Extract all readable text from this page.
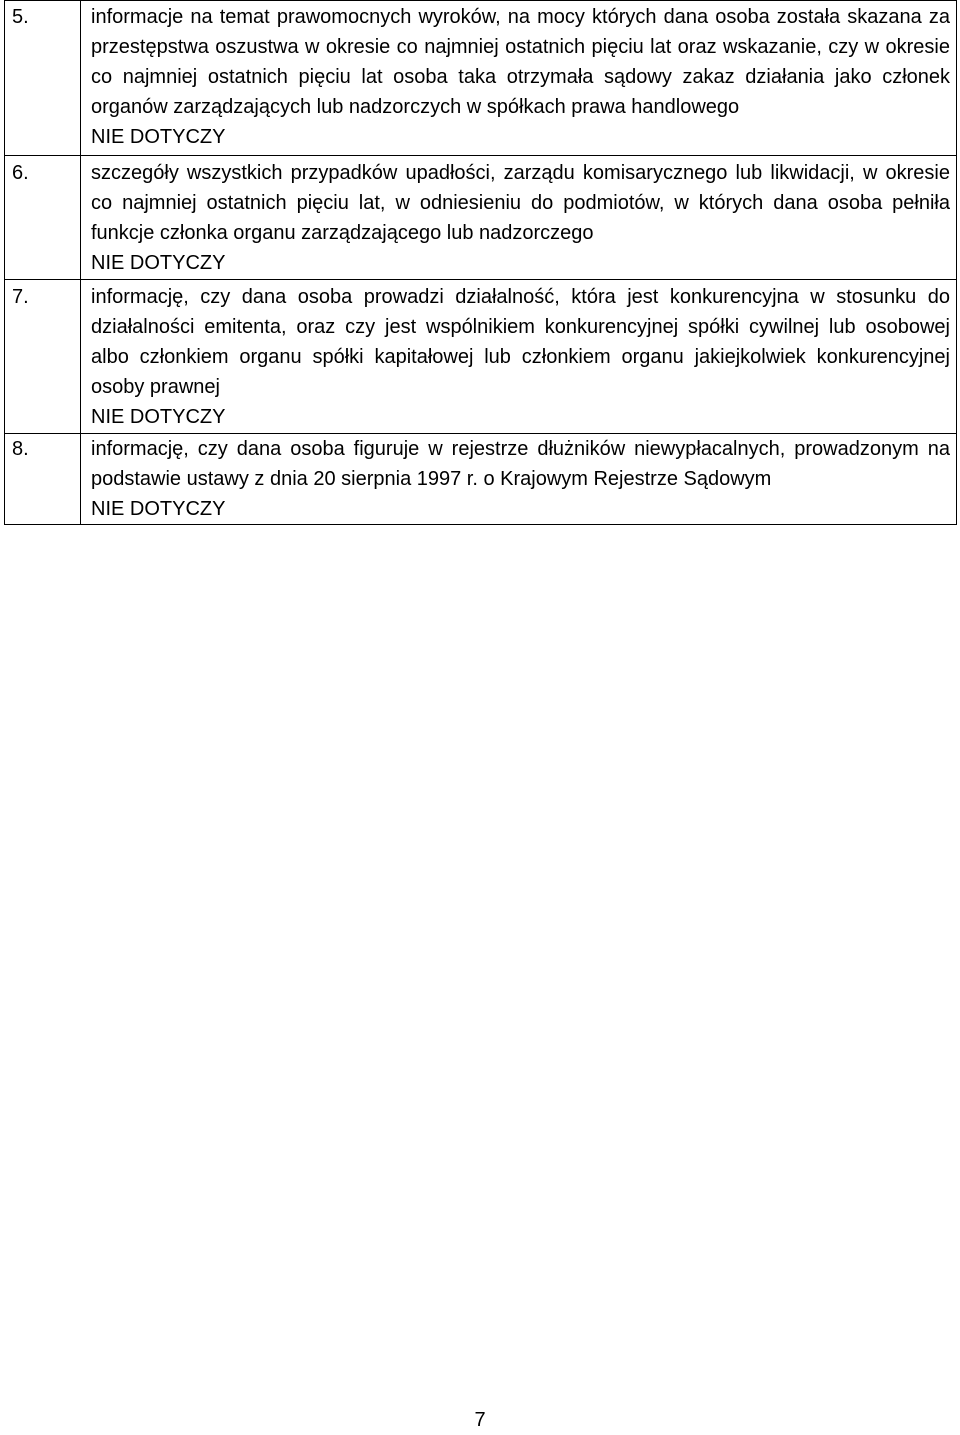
5.	informacje na temat prawomocnych wyroków, na mocy których dana osoba została skazana za przestępstwa oszustwa w okresie co najmniej ostatnich pięciu lat oraz wskazanie, czy w okresie co najmniej ostatnich pięciu lat osoba taka otrzymała sądowy zakaz działania jako członek organów zarządzających lub nadzorczych w spółkach prawa handlowego
NIE DOTYCZY

6.	szczegóły wszystkich przypadków upadłości, zarządu komisarycznego lub likwidacji, w okresie co najmniej ostatnich pięciu lat, w odniesieniu do podmiotów, w których dana osoba pełniła funkcje członka organu zarządzającego lub nadzorczego
NIE DOTYCZY

7.	informację, czy dana osoba prowadzi działalność, która jest konkurencyjna w stosunku do działalności emitenta, oraz czy jest wspólnikiem konkurencyjnej spółki cywilnej lub osobowej albo członkiem organu spółki kapitałowej lub członkiem organu jakiejkolwiek konkurencyjnej osoby prawnej
NIE DOTYCZY

8.	informację, czy dana osoba figuruje w rejestrze dłużników niewypłacalnych, prowadzonym na podstawie ustawy z dnia 20 sierpnia 1997 r. o Krajowym Rejestrze Sądowym
NIE DOTYCZY
7
